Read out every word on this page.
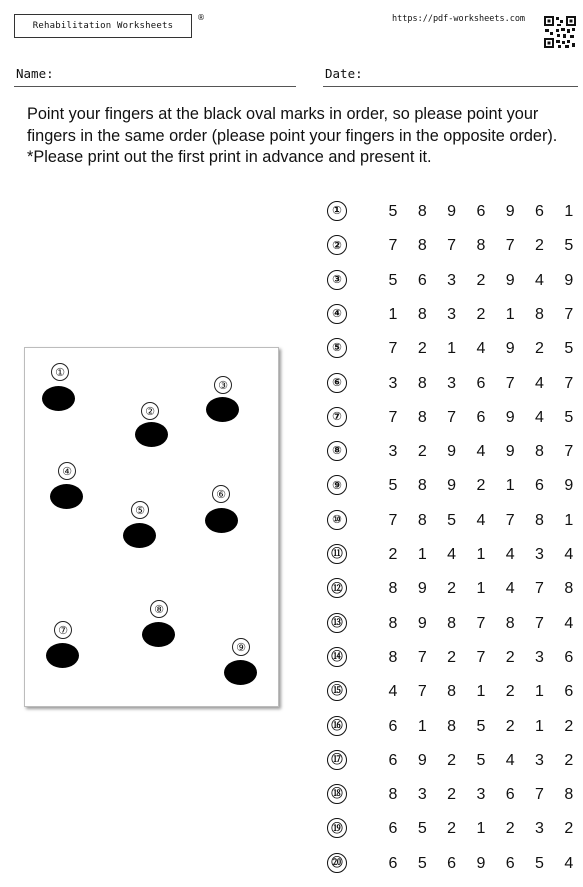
Rehabilitation Worksheets
®	https://pdf-worksheets.com
Name:	Date:
Point your fingers at the black oval marks in order, so please point your fingers in the same order (please point your fingers in the opposite order). *Please print out the first print in advance and present it.
①
②
③
④
⑤
⑥
⑦
⑧
⑨
①	5 8 9 6 9 6 1
②	7 8 7 8 7 2 5
③	5 6 3 2 9 4 9
④	1 8 3 2 1 8 7
⑤	7 2 1 4 9 2 5
⑥	3 8 3 6 7 4 7
⑦	7 8 7 6 9 4 5
⑧	3 2 9 4 9 8 7
⑨	5 8 9 2 1 6 9
⑩	7 8 5 4 7 8 1
⑪	2 1 4 1 4 3 4
⑫	8 9 2 1 4 7 8
⑬	8 9 8 7 8 7 4
⑭	8 7 2 7 2 3 6
⑮	4 7 8 1 2 1 6
⑯	6 1 8 5 2 1 2
⑰	6 9 2 5 4 3 2
⑱	8 3 2 3 6 7 8
⑲	6 5 2 1 2 3 2
⑳	6 5 6 9 6 5 4
